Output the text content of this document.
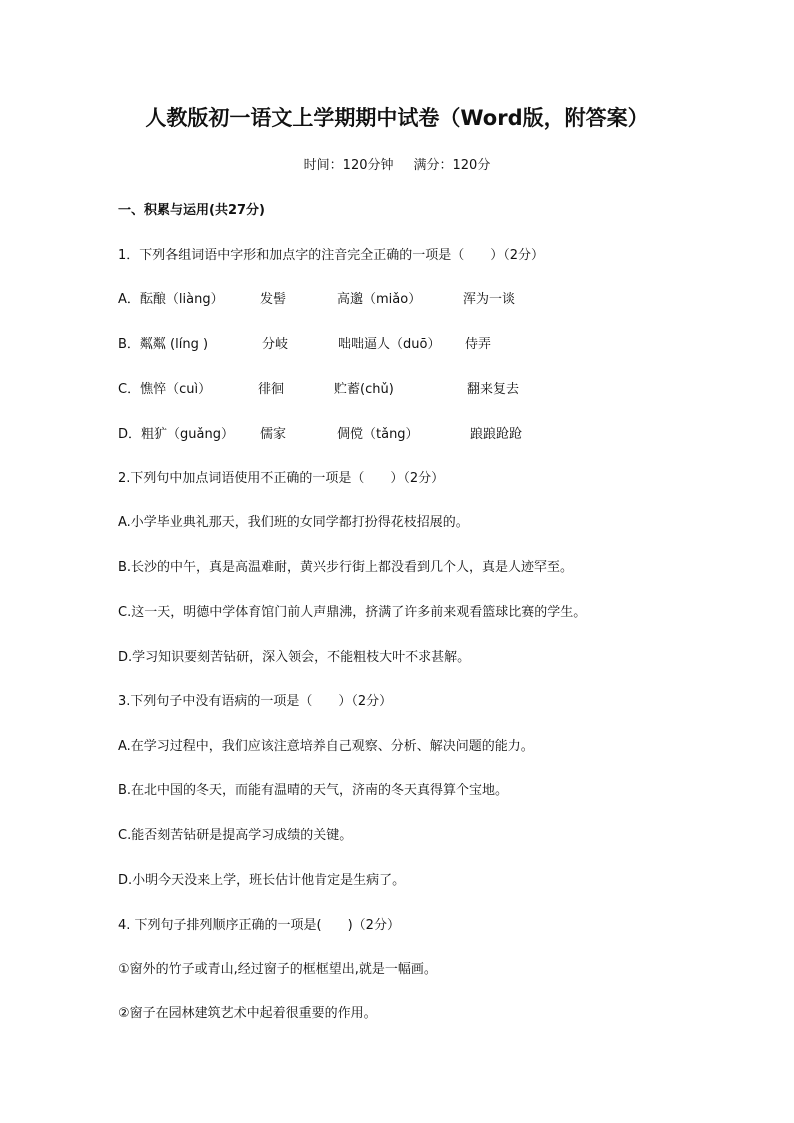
人教版初一语文上学期期中试卷（Word版，附答案）
时间：120分钟 满分：120分
一、积累与运用(共27分)
1．下列各组词语中字形和加点字的注音完全正确的一项是（　　）（2分）
A．酝酿（liàng）	发髻	高邈（miǎo）	浑为一谈
B．粼粼 (líng )	分岐	咄咄逼人（duō） 侍弄
C．憔悴（cuì）	徘徊	贮蓄(chǔ)	翻来复去
D．粗犷（guǎng） 儒家	倜傥（tǎng）	踉踉跄跄
2.下列句中加点词语使用不正确的一项是（　　）（2分）
A.小学毕业典礼那天，我们班的女同学都打扮得花枝招展的。
B.长沙的中午，真是高温难耐，黄兴步行街上都没看到几个人，真是人迹罕至。
C.这一天，明德中学体育馆门前人声鼎沸，挤满了许多前来观看篮球比赛的学生。
D.学习知识要刻苦钻研，深入领会，不能粗枝大叶不求甚解。
3.下列句子中没有语病的一项是（　　）（2分）
A.在学习过程中，我们应该注意培养自己观察、分析、解决问题的能力。
B.在北中国的冬天，而能有温晴的天气，济南的冬天真得算个宝地。
C.能否刻苦钻研是提高学习成绩的关键。
D.小明今天没来上学，班长估计他肯定是生病了。
4. 下列句子排列顺序正确的一项是(　　)（2分）
①窗外的竹子或青山,经过窗子的框框望出,就是一幅画。
②窗子在园林建筑艺术中起着很重要的作用。
